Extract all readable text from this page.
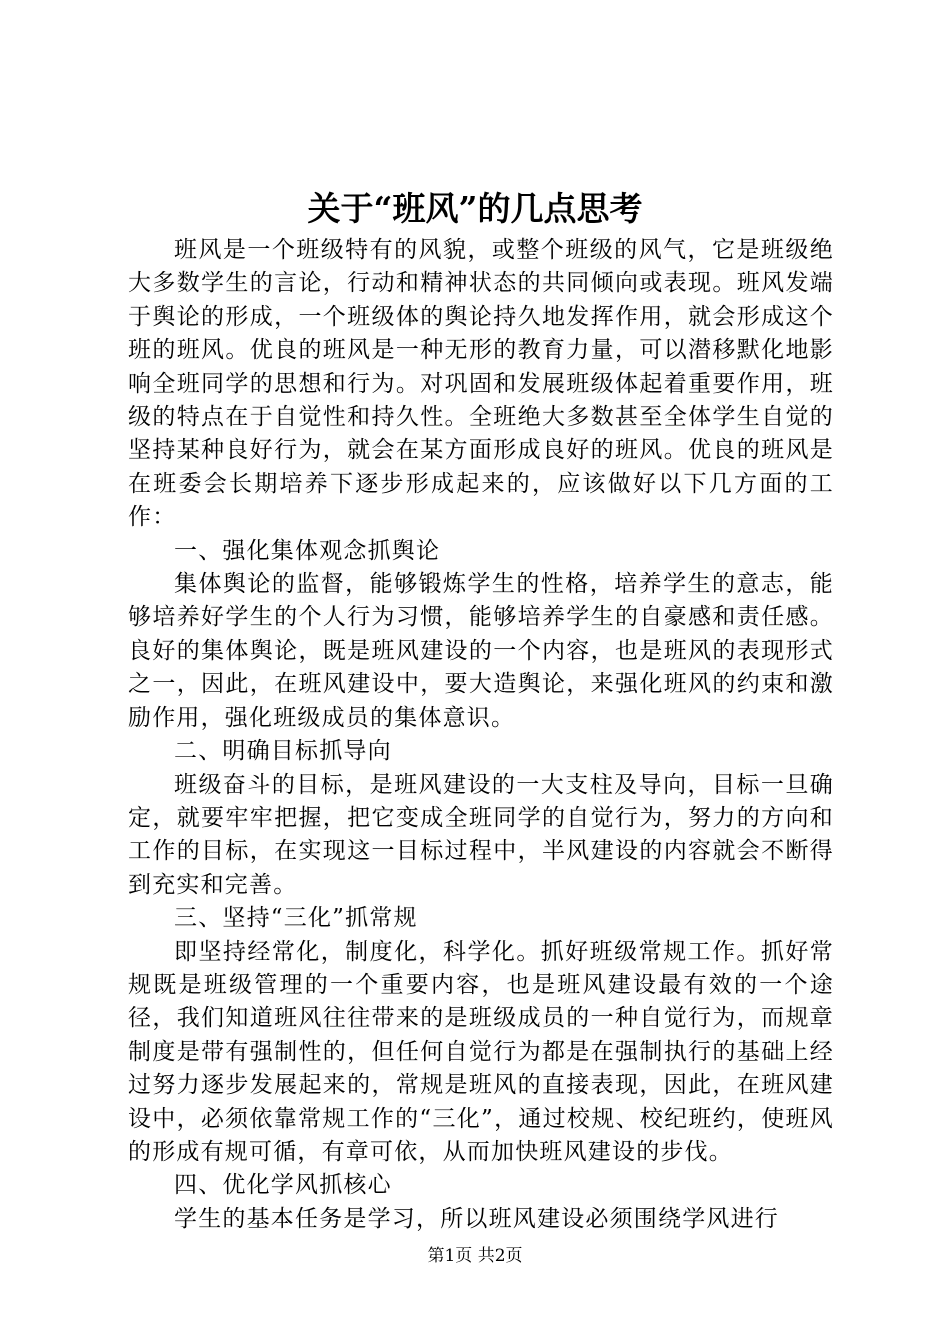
关于“班风”的几点思考

班风是一个班级特有的风貌，或整个班级的风气，它是班级绝大多数学生的言论，行动和精神状态的共同倾向或表现。班风发端于舆论的形成，一个班级体的舆论持久地发挥作用，就会形成这个班的班风。优良的班风是一种无形的教育力量，可以潜移默化地影响全班同学的思想和行为。对巩固和发展班级体起着重要作用，班级的特点在于自觉性和持久性。全班绝大多数甚至全体学生自觉的坚持某种良好行为，就会在某方面形成良好的班风。优良的班风是在班委会长期培养下逐步形成起来的，应该做好以下几方面的工作：

一、强化集体观念抓舆论

集体舆论的监督，能够锻炼学生的性格，培养学生的意志，能够培养好学生的个人行为习惯，能够培养学生的自豪感和责任感。良好的集体舆论，既是班风建设的一个内容，也是班风的表现形式之一，因此，在班风建设中，要大造舆论，来强化班风的约束和激励作用，强化班级成员的集体意识。

二、明确目标抓导向

班级奋斗的目标，是班风建设的一大支柱及导向，目标一旦确定，就要牢牢把握，把它变成全班同学的自觉行为，努力的方向和工作的目标，在实现这一目标过程中，半风建设的内容就会不断得到充实和完善。

三、坚持“三化”抓常规

即坚持经常化，制度化，科学化。抓好班级常规工作。抓好常规既是班级管理的一个重要内容，也是班风建设最有效的一个途径，我们知道班风往往带来的是班级成员的一种自觉行为，而规章制度是带有强制性的，但任何自觉行为都是在强制执行的基础上经过努力逐步发展起来的，常规是班风的直接表现，因此，在班风建设中，必须依靠常规工作的“三化”，通过校规、校纪班约，使班风的形成有规可循，有章可依，从而加快班风建设的步伐。

四、优化学风抓核心

学生的基本任务是学习，所以班风建设必须围绕学风进行

第1页 共2页
